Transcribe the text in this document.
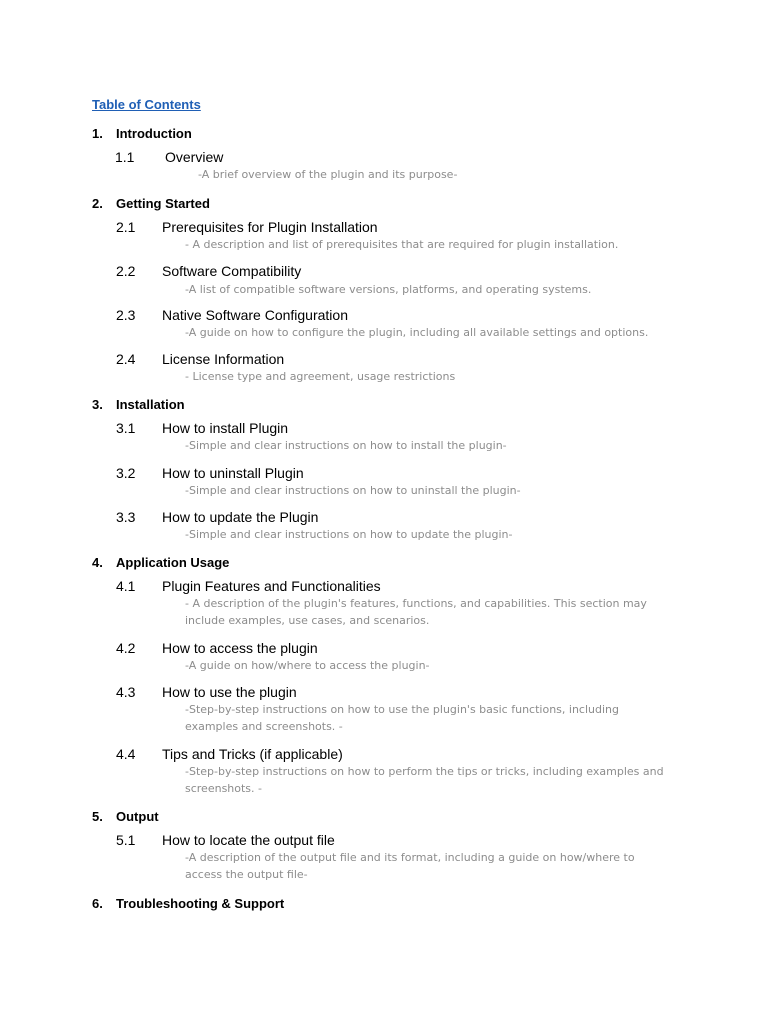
Table of Contents
1. Introduction
1.1 Overview
-A brief overview of the plugin and its purpose-
2. Getting Started
2.1 Prerequisites for Plugin Installation
- A description and list of prerequisites that are required for plugin installation.
2.2 Software Compatibility
-A list of compatible software versions, platforms, and operating systems.
2.3 Native Software Configuration
-A guide on how to configure the plugin, including all available settings and options.
2.4 License Information
- License type and agreement, usage restrictions
3. Installation
3.1 How to install Plugin
-Simple and clear instructions on how to install the plugin-
3.2 How to uninstall Plugin
-Simple and clear instructions on how to uninstall the plugin-
3.3 How to update the Plugin
-Simple and clear instructions on how to update the plugin-
4. Application Usage
4.1 Plugin Features and Functionalities
- A description of the plugin's features, functions, and capabilities. This section may include examples, use cases, and scenarios.
4.2 How to access the plugin
-A guide on how/where to access the plugin-
4.3 How to use the plugin
-Step-by-step instructions on how to use the plugin's basic functions, including examples and screenshots. -
4.4 Tips and Tricks (if applicable)
-Step-by-step instructions on how to perform the tips or tricks, including examples and screenshots. -
5. Output
5.1 How to locate the output file
-A description of the output file and its format, including a guide on how/where to access the output file-
6. Troubleshooting & Support
